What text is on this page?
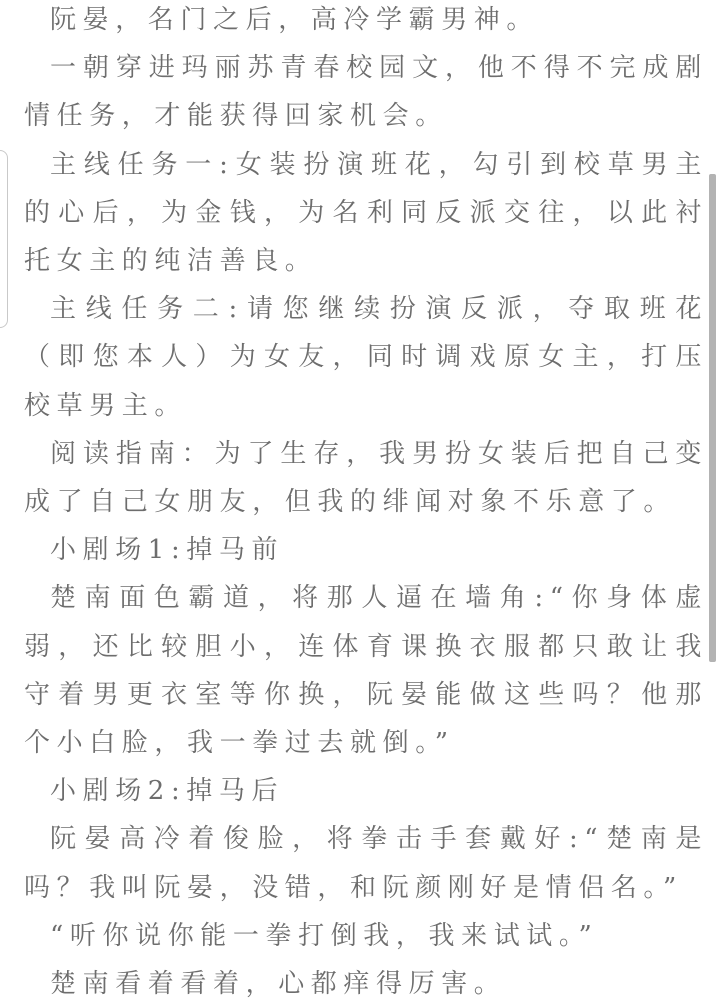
阮晏，名门之后，高冷学霸男神。

一朝穿进玛丽苏青春校园文，他不得不完成剧情任务，才能获得回家机会。

主线任务一:女装扮演班花，勾引到校草男主的心后，为金钱，为名利同反派交往，以此衬托女主的纯洁善良。

主线任务二:请您继续扮演反派，夺取班花（即您本人）为女友，同时调戏原女主，打压校草男主。

阅读指南：为了生存，我男扮女装后把自己变成了自己女朋友，但我的绯闻对象不乐意了。

小剧场1:掉马前

楚南面色霸道，将那人逼在墙角:“你身体虚弱，还比较胆小，连体育课换衣服都只敢让我守着男更衣室等你换，阮晏能做这些吗？他那个小白脸，我一拳过去就倒。”

小剧场2:掉马后

阮晏高冷着俊脸，将拳击手套戴好:“楚南是吗？我叫阮晏，没错，和阮颜刚好是情侣名。”

“听你说你能一拳打倒我，我来试试。”

楚南看着看着，心都痒得厉害。
